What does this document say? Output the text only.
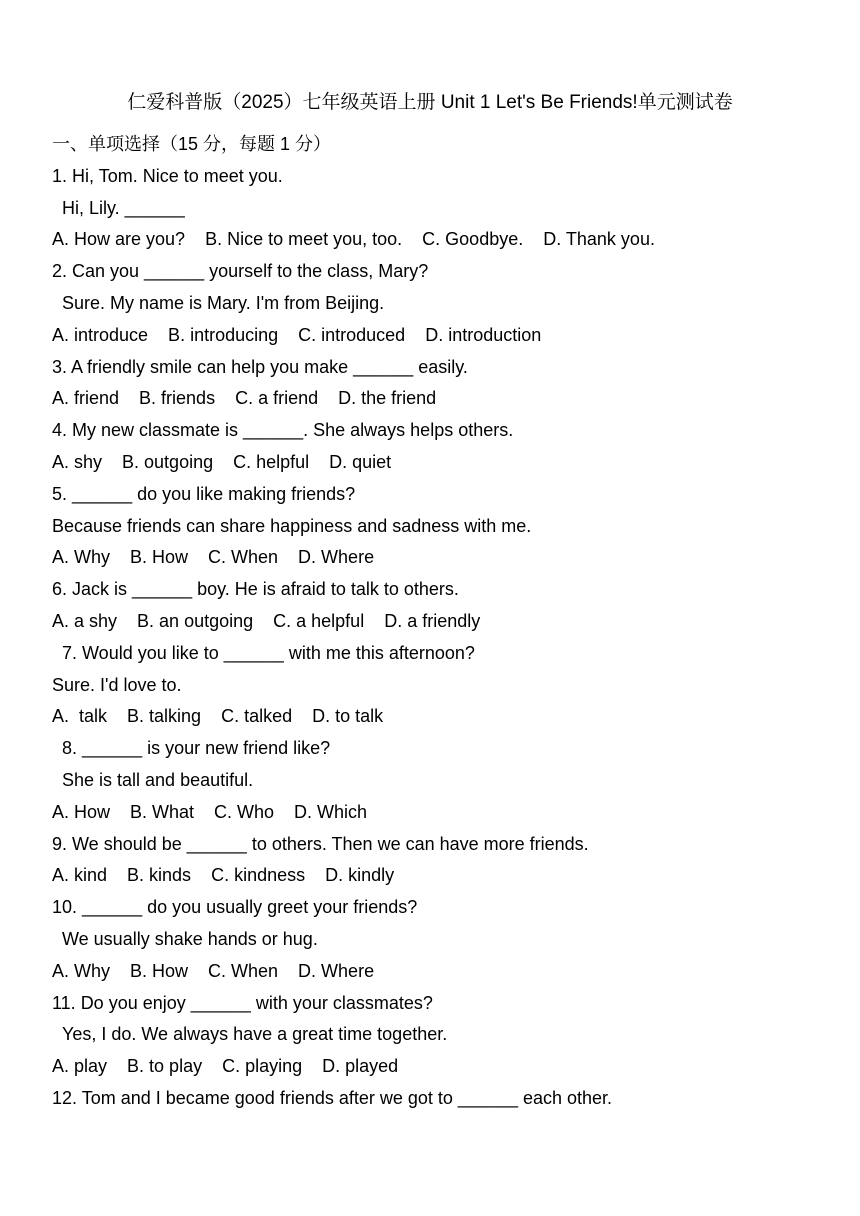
仁爱科普版（2025）七年级英语上册 Unit 1 Let's Be Friends!单元测试卷
一、单项选择（15 分，每题 1 分）
1. Hi, Tom. Nice to meet you.
Hi, Lily. ______
A. How are you?    B. Nice to meet you, too.    C. Goodbye.    D. Thank you.
2. Can you ______ yourself to the class, Mary?
Sure. My name is Mary. I'm from Beijing.
A. introduce    B. introducing    C. introduced    D. introduction
3. A friendly smile can help you make ______ easily.
A. friend    B. friends    C. a friend    D. the friend
4. My new classmate is ______. She always helps others.
A. shy    B. outgoing    C. helpful    D. quiet
5. ______ do you like making friends?
Because friends can share happiness and sadness with me.
A. Why    B. How    C. When    D. Where
6. Jack is ______ boy. He is afraid to talk to others.
A. a shy    B. an outgoing    C. a helpful    D. a friendly
7. Would you like to ______ with me this afternoon?
Sure. I'd love to.
A.  talk    B. talking    C. talked    D. to talk
8. ______ is your new friend like?
She is tall and beautiful.
A. How    B. What    C. Who    D. Which
9. We should be ______ to others. Then we can have more friends.
A. kind    B. kinds    C. kindness    D. kindly
10. ______ do you usually greet your friends?
We usually shake hands or hug.
A. Why    B. How    C. When    D. Where
11. Do you enjoy ______ with your classmates?
Yes, I do. We always have a great time together.
A. play    B. to play    C. playing    D. played
12. Tom and I became good friends after we got to ______ each other.
